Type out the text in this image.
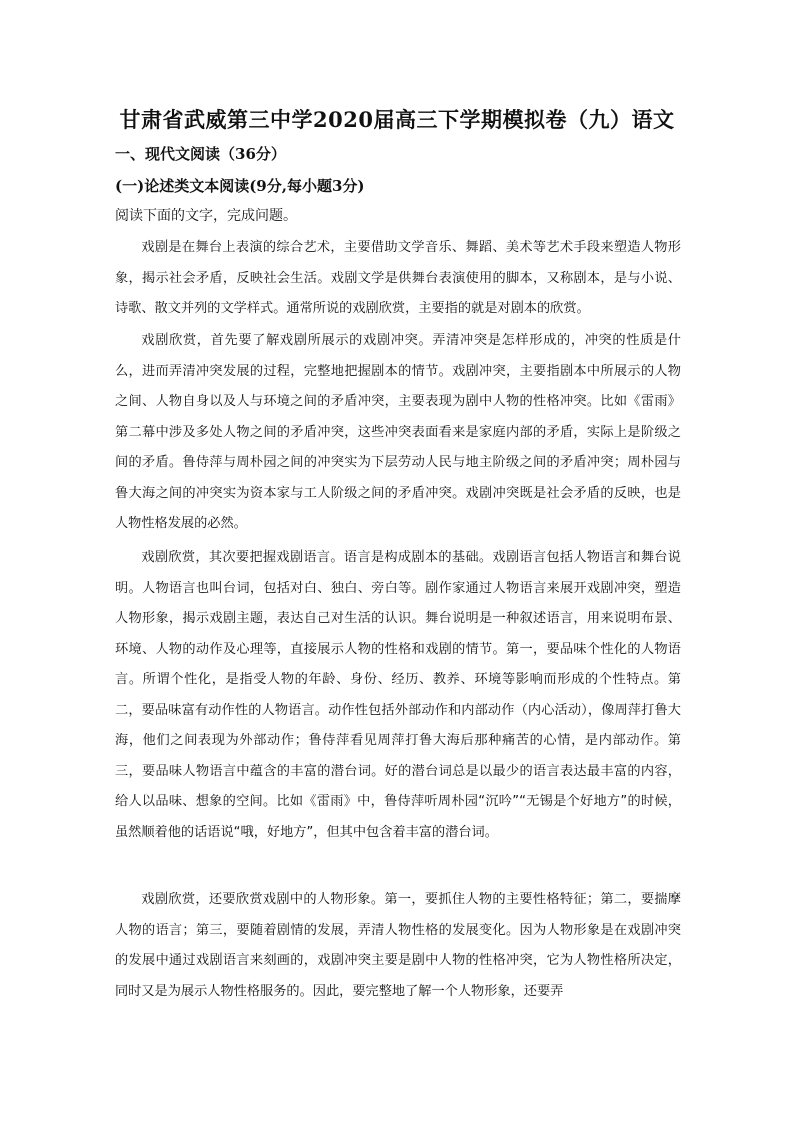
甘肃省武威第三中学2020届高三下学期模拟卷（九）语文
一、现代文阅读（36分）
(一)论述类文本阅读(9分,每小题3分)
阅读下面的文字，完成问题。

戏剧是在舞台上表演的综合艺术，主要借助文学音乐、舞蹈、美术等艺术手段来塑造人物形象，揭示社会矛盾，反映社会生活。戏剧文学是供舞台表演使用的脚本，又称剧本，是与小说、诗歌、散文并列的文学样式。通常所说的戏剧欣赏，主要指的就是对剧本的欣赏。

戏剧欣赏，首先要了解戏剧所展示的戏剧冲突。弄清冲突是怎样形成的，冲突的性质是什么，进而弄清冲突发展的过程，完整地把握剧本的情节。戏剧冲突，主要指剧本中所展示的人物之间、人物自身以及人与环境之间的矛盾冲突，主要表现为剧中人物的性格冲突。比如《雷雨》第二幕中涉及多处人物之间的矛盾冲突，这些冲突表面看来是家庭内部的矛盾，实际上是阶级之间的矛盾。鲁侍萍与周朴园之间的冲突实为下层劳动人民与地主阶级之间的矛盾冲突；周朴园与鲁大海之间的冲突实为资本家与工人阶级之间的矛盾冲突。戏剧冲突既是社会矛盾的反映，也是人物性格发展的必然。

戏剧欣赏，其次要把握戏剧语言。语言是构成剧本的基础。戏剧语言包括人物语言和舞台说明。人物语言也叫台词，包括对白、独白、旁白等。剧作家通过人物语言来展开戏剧冲突，塑造人物形象，揭示戏剧主题，表达自己对生活的认识。舞台说明是一种叙述语言，用来说明布景、环境、人物的动作及心理等，直接展示人物的性格和戏剧的情节。第一，要品味个性化的人物语言。所谓个性化，是指受人物的年龄、身份、经历、教养、环境等影响而形成的个性特点。第二，要品味富有动作性的人物语言。动作性包括外部动作和内部动作（内心活动），像周萍打鲁大海，他们之间表现为外部动作；鲁侍萍看见周萍打鲁大海后那种痛苦的心情，是内部动作。第三，要品味人物语言中蕴含的丰富的潜台词。好的潜台词总是以最少的语言表达最丰富的内容，给人以品味、想象的空间。比如《雷雨》中，鲁侍萍听周朴园“沉吟”“无锡是个好地方”的时候，虽然顺着他的话语说“哦，好地方”，但其中包含着丰富的潜台词。

戏剧欣赏，还要欣赏戏剧中的人物形象。第一，要抓住人物的主要性格特征；第二，要揣摩人物的语言；第三，要随着剧情的发展，弄清人物性格的发展变化。因为人物形象是在戏剧冲突的发展中通过戏剧语言来刻画的，戏剧冲突主要是剧中人物的性格冲突，它为人物性格所决定，同时又是为展示人物性格服务的。因此，要完整地了解一个人物形象，还要弄
